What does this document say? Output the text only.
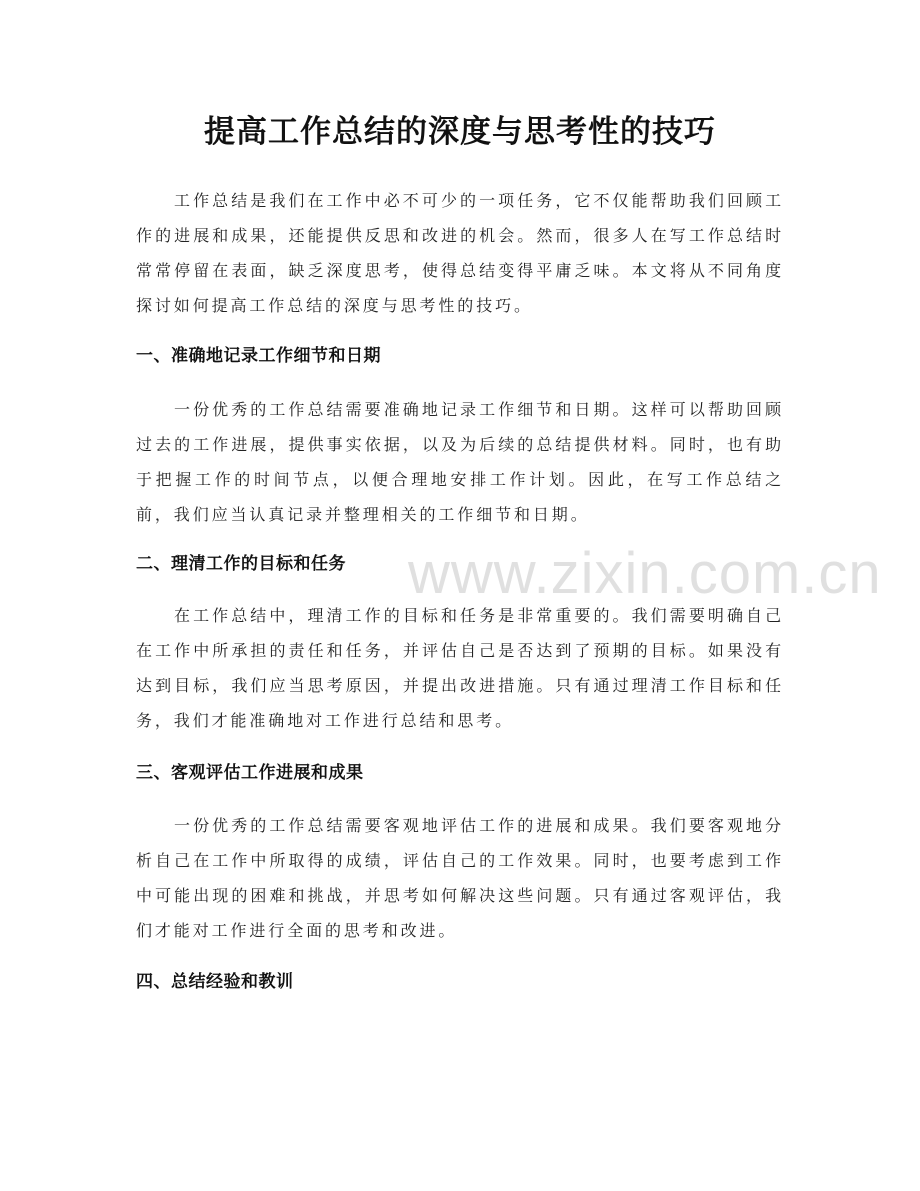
提高工作总结的深度与思考性的技巧

工作总结是我们在工作中必不可少的一项任务，它不仅能帮助我们回顾工作的进展和成果，还能提供反思和改进的机会。然而，很多人在写工作总结时常常停留在表面，缺乏深度思考，使得总结变得平庸乏味。本文将从不同角度探讨如何提高工作总结的深度与思考性的技巧。

一、准确地记录工作细节和日期

一份优秀的工作总结需要准确地记录工作细节和日期。这样可以帮助回顾过去的工作进展，提供事实依据，以及为后续的总结提供材料。同时，也有助于把握工作的时间节点，以便合理地安排工作计划。因此，在写工作总结之前，我们应当认真记录并整理相关的工作细节和日期。

二、理清工作的目标和任务

在工作总结中，理清工作的目标和任务是非常重要的。我们需要明确自己在工作中所承担的责任和任务，并评估自己是否达到了预期的目标。如果没有达到目标，我们应当思考原因，并提出改进措施。只有通过理清工作目标和任务，我们才能准确地对工作进行总结和思考。

三、客观评估工作进展和成果

一份优秀的工作总结需要客观地评估工作的进展和成果。我们要客观地分析自己在工作中所取得的成绩，评估自己的工作效果。同时，也要考虑到工作中可能出现的困难和挑战，并思考如何解决这些问题。只有通过客观评估，我们才能对工作进行全面的思考和改进。

四、总结经验和教训
www.zixin.com.cn
